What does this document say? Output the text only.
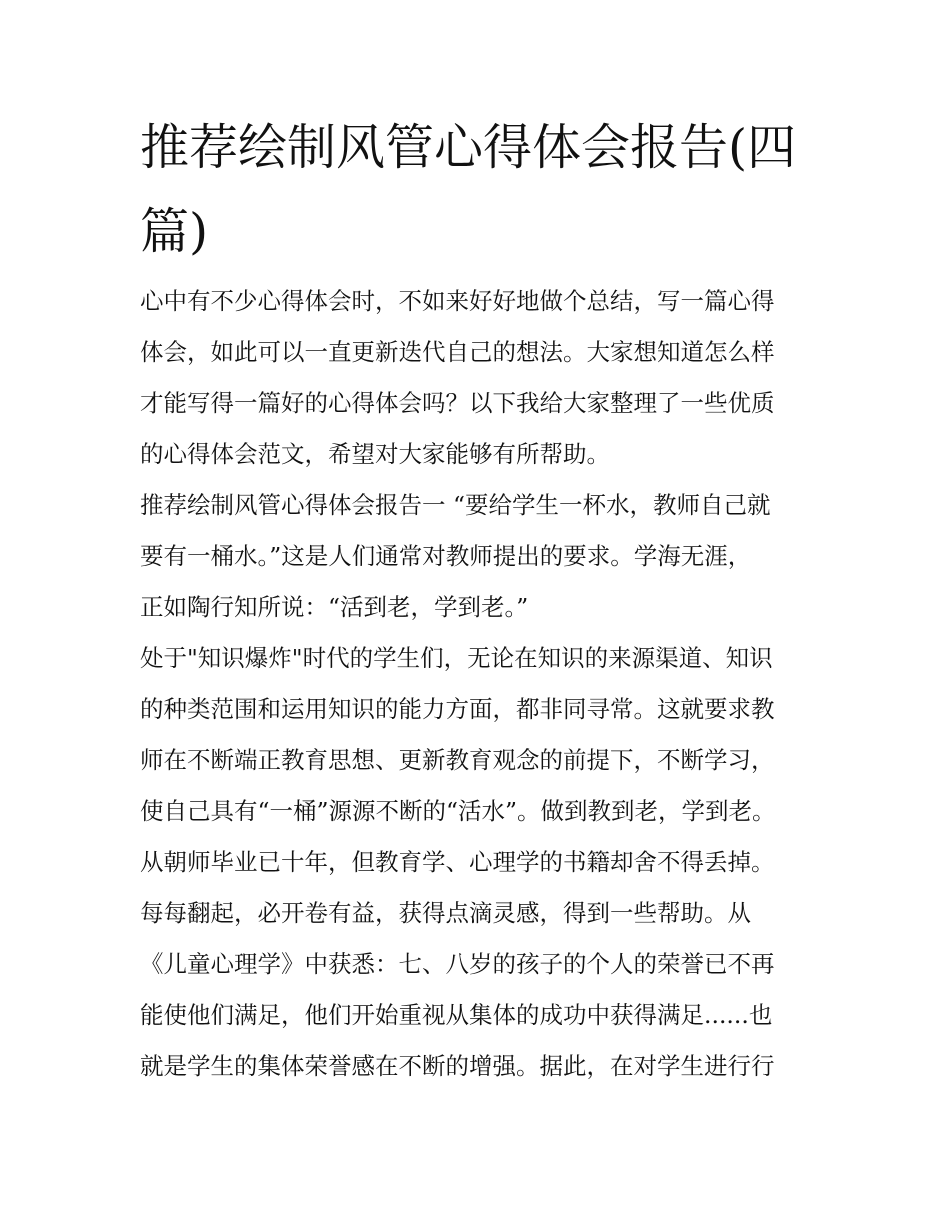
推荐绘制风管心得体会报告(四
篇)
心中有不少心得体会时，不如来好好地做个总结，写一篇心得
体会，如此可以一直更新迭代自己的想法。大家想知道怎么样
才能写得一篇好的心得体会吗？以下我给大家整理了一些优质
的心得体会范文，希望对大家能够有所帮助。
推荐绘制风管心得体会报告一 “要给学生一杯水，教师自己就
要有一桶水。”这是人们通常对教师提出的要求。学海无涯，
正如陶行知所说：“活到老，学到老。”
处于"知识爆炸"时代的学生们，无论在知识的来源渠道、知识
的种类范围和运用知识的能力方面，都非同寻常。这就要求教
师在不断端正教育思想、更新教育观念的前提下，不断学习，
使自己具有“一桶”源源不断的“活水”。做到教到老，学到老。
从朝师毕业已十年，但教育学、心理学的书籍却舍不得丢掉。
每每翻起，必开卷有益，获得点滴灵感，得到一些帮助。从
《儿童心理学》中获悉：七、八岁的孩子的个人的荣誉已不再
能使他们满足，他们开始重视从集体的成功中获得满足......也
就是学生的集体荣誉感在不断的增强。据此，在对学生进行行
